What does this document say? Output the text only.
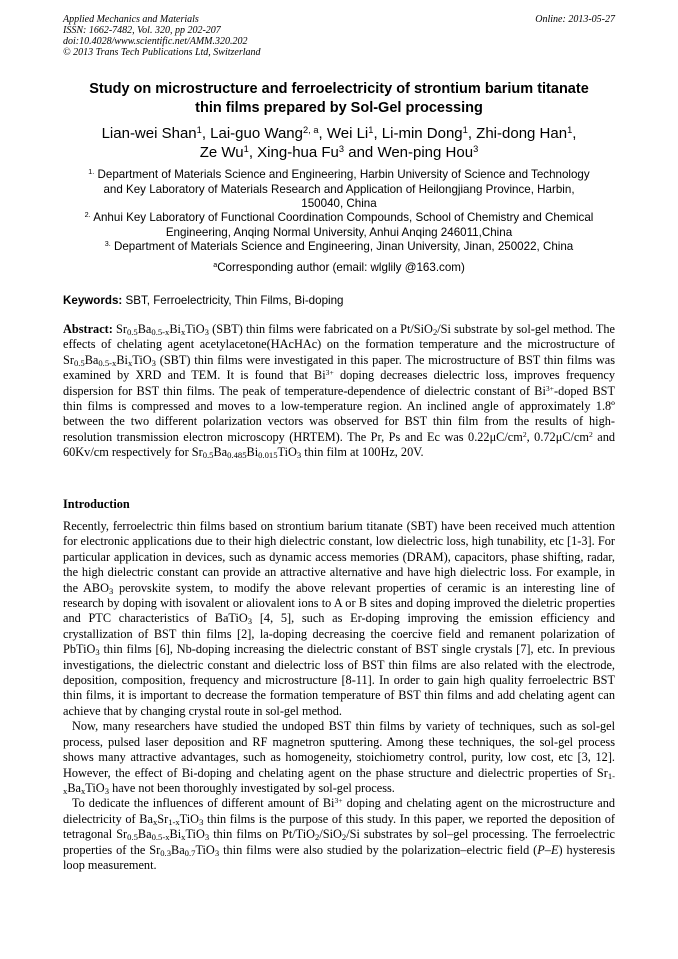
Applied Mechanics and Materials
ISSN: 1662-7482, Vol. 320, pp 202-207
doi:10.4028/www.scientific.net/AMM.320.202
© 2013 Trans Tech Publications Ltd, Switzerland
Online: 2013-05-27
Study on microstructure and ferroelectricity of strontium barium titanate
thin films prepared by Sol-Gel processing
Lian-wei Shan$^1$, Lai-guo Wang$^{2, a}$, Wei Li$^1$, Li-min Dong$^1$, Zhi-dong Han$^1$,
Ze Wu$^1$, Xing-hua Fu$^3$ and Wen-ping Hou$^3$
$^{1.}$ Department of Materials Science and Engineering, Harbin University of Science and Technology
and Key Laboratory of Materials Research and Application of Heilongjiang Province, Harbin,
150040, China
$^{2.}$ Anhui Key Laboratory of Functional Coordination Compounds, School of Chemistry and Chemical
Engineering, Anqing Normal University, Anhui Anqing 246011,China
$^{3.}$ Department of Materials Science and Engineering, Jinan University, Jinan, 250022, China
$^a$Corresponding author (email: wlglily @163.com)
Keywords: SBT, Ferroelectricity, Thin Films, Bi-doping

Abstract: $Sr_{0.5}Ba_{0.5-x}Bi_xTiO_3$ (SBT) thin films were fabricated on a Pt/SiO$_2$/Si substrate by sol-gel method. The effects of chelating agent acetylacetone(HAcHAc) on the formation temperature and the microstructure of $Sr_{0.5}Ba_{0.5-x}Bi_xTiO_3$ (SBT) thin films were investigated in this paper. The microstructure of BST thin films was examined by XRD and TEM. It is found that $Bi^{3+}$ doping decreases dielectric loss, improves frequency dispersion for BST thin films. The peak of temperature-dependence of dielectric constant of $Bi^{3+}$-doped BST thin films is compressed and moves to a low-temperature region. An inclined angle of approximately 1.8º between the two different polarization vectors was observed for BST thin film from the results of high-resolution transmission electron microscopy (HRTEM). The Pr, Ps and Ec was $0.22\mu C/cm^2$, $0.72\mu C/cm^2$ and 60Kv/cm respectively for $Sr_{0.5}Ba_{0.485}Bi_{0.015}TiO_3$ thin film at 100Hz, 20V.

Introduction

Recently, ferroelectric thin films based on strontium barium titanate (SBT) have been received much attention for electronic applications due to their high dielectric constant, low dielectric loss, high tunability, etc [1-3]. For particular application in devices, such as dynamic access memories (DRAM), capacitors, phase shifting, radar, the high dielectric constant can provide an attractive alternative and have high dielectric loss. For example, in the $ABO_3$ perovskite system, to modify the above relevant properties of ceramic is an interesting line of research by doping with isovalent or aliovalent ions to A or B sites and doping improved the dieletric properties and PTC characteristics of BaTiO$_3$ [4, 5], such as Er-doping improving the emission efficiency and crystallization of BST thin films [2], la-doping decreasing the coercive field and remanent polarization of PbTiO$_3$ thin films [6], Nb-doping increasing the dielectric constant of BST single crystals [7], etc. In previous investigations, the dielectric constant and dielectric loss of BST thin films are also related with the electrode, deposition, composition, frequency and microstructure [8-11]. In order to gain high quality ferroelectric BST thin films, it is important to decrease the formation temperature of BST thin films and add chelating agent can achieve that by changing crystal route in sol-gel method.

Now, many researchers have studied the undoped BST thin films by variety of techniques, such as sol-gel process, pulsed laser deposition and RF magnetron sputtering. Among these techniques, the sol-gel process shows many attractive advantages, such as homogeneity, stoichiometry control, purity, low cost, etc [3, 12]. However, the effect of Bi-doping and chelating agent on the phase structure and dielectric properties of $Sr_{1-x}Ba_xTiO_3$ have not been thoroughly investigated by sol-gel process.

To dedicate the influences of different amount of $Bi^{3+}$ doping and chelating agent on the microstructure and dielectricity of $Ba_xSr_{1-x}TiO_3$ thin films is the purpose of this study. In this paper, we reported the deposition of tetragonal $Sr_{0.5}Ba_{0.5-x}Bi_xTiO_3$ thin films on Pt/TiO$_2$/SiO$_2$/Si substrates by sol–gel processing. The ferroelectric properties of the $Sr_{0.3}Ba_{0.7}TiO_3$ thin films were also studied by the polarization–electric field (P–E) hysteresis loop measurement.
